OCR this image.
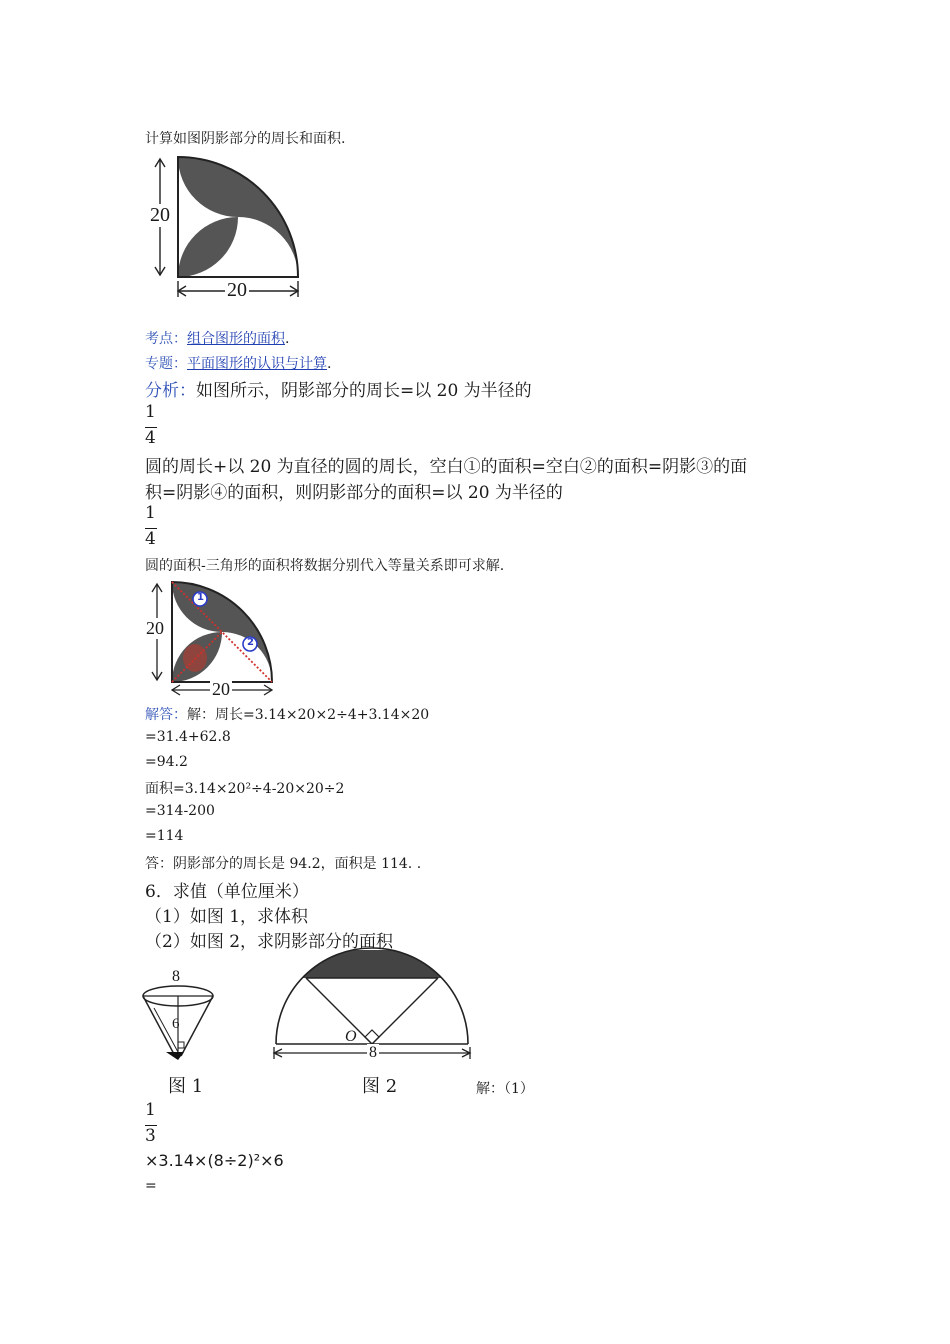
计算如图阴影部分的周长和面积.
20
20
考点：组合图形的面积.
专题：平面图形的认识与计算.
分析：如图所示，阴影部分的周长=以 20 为半径的
1
4
圆的周长+以 20 为直径的圆的周长，空白①的面积=空白②的面积=阴影③的面
积=阴影④的面积，则阴影部分的面积=以 20 为半径的
1
4
圆的面积-三角形的面积将数据分别代入等量关系即可求解.
1
2
20
20
解答：解：周长=3.14×20×2÷4+3.14×20
=31.4+62.8
=94.2
面积=3.14×20²÷4-20×20÷2
=314-200
=114
答：阴影部分的周长是 94.2，面积是 114. .
6．求值（单位厘米）
（1）如图 1，求体积
（2）如图 2，求阴影部分的面积
8
6
图 1
O
8
图 2	解：（1）
1
3
×3.14×(8÷2)²×6
=
